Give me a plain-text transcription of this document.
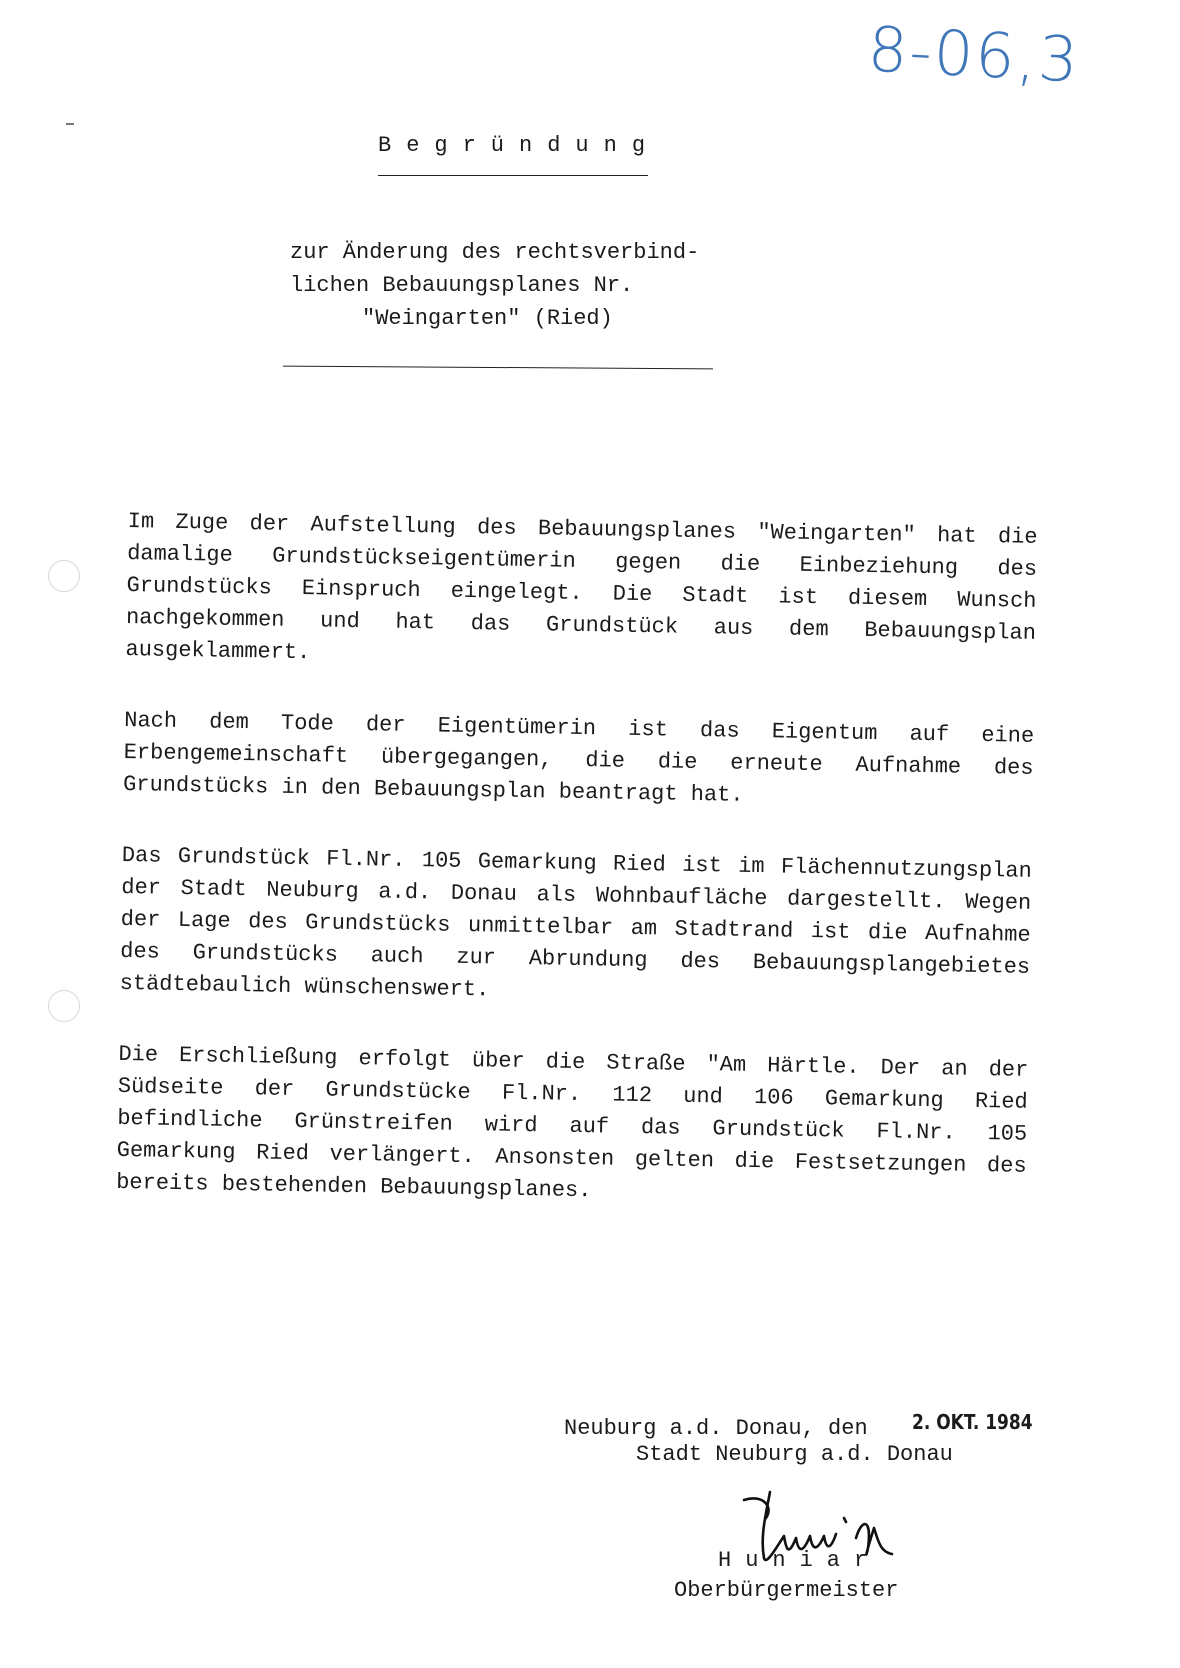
8-06,3
Begründung
zur Änderung des rechtsverbind-
lichen Bebauungsplanes Nr.
"Weingarten" (Ried)

Im Zuge der Aufstellung des Bebauungsplanes "Weingarten" hat die damalige Grundstückseigentümerin gegen die Einbeziehung des Grundstücks Einspruch eingelegt. Die Stadt ist diesem Wunsch nachgekommen und hat das Grundstück aus dem Bebauungsplan ausgeklammert.

Nach dem Tode der Eigentümerin ist das Eigentum auf eine Erbengemeinschaft übergegangen, die die erneute Aufnahme des Grundstücks in den Bebauungsplan beantragt hat.

Das Grundstück Fl.Nr. 105 Gemarkung Ried ist im Flächennutzungsplan der Stadt Neuburg a.d. Donau als Wohnbaufläche dargestellt. Wegen der Lage des Grundstücks unmittelbar am Stadtrand ist die Aufnahme des Grundstücks auch zur Abrundung des Bebauungsplangebietes städtebaulich wünschenswert.

Die Erschließung erfolgt über die Straße "Am Härtle. Der an der Südseite der Grundstücke Fl.Nr. 112 und 106 Gemarkung Ried befindliche Grünstreifen wird auf das Grundstück Fl.Nr. 105 Gemarkung Ried verlängert. Ansonsten gelten die Festsetzungen des bereits bestehenden Bebauungsplanes.

Neuburg a.d. Donau, den 2. OKT. 1984
Stadt Neuburg a.d. Donau
Huniar
Oberbürgermeister
